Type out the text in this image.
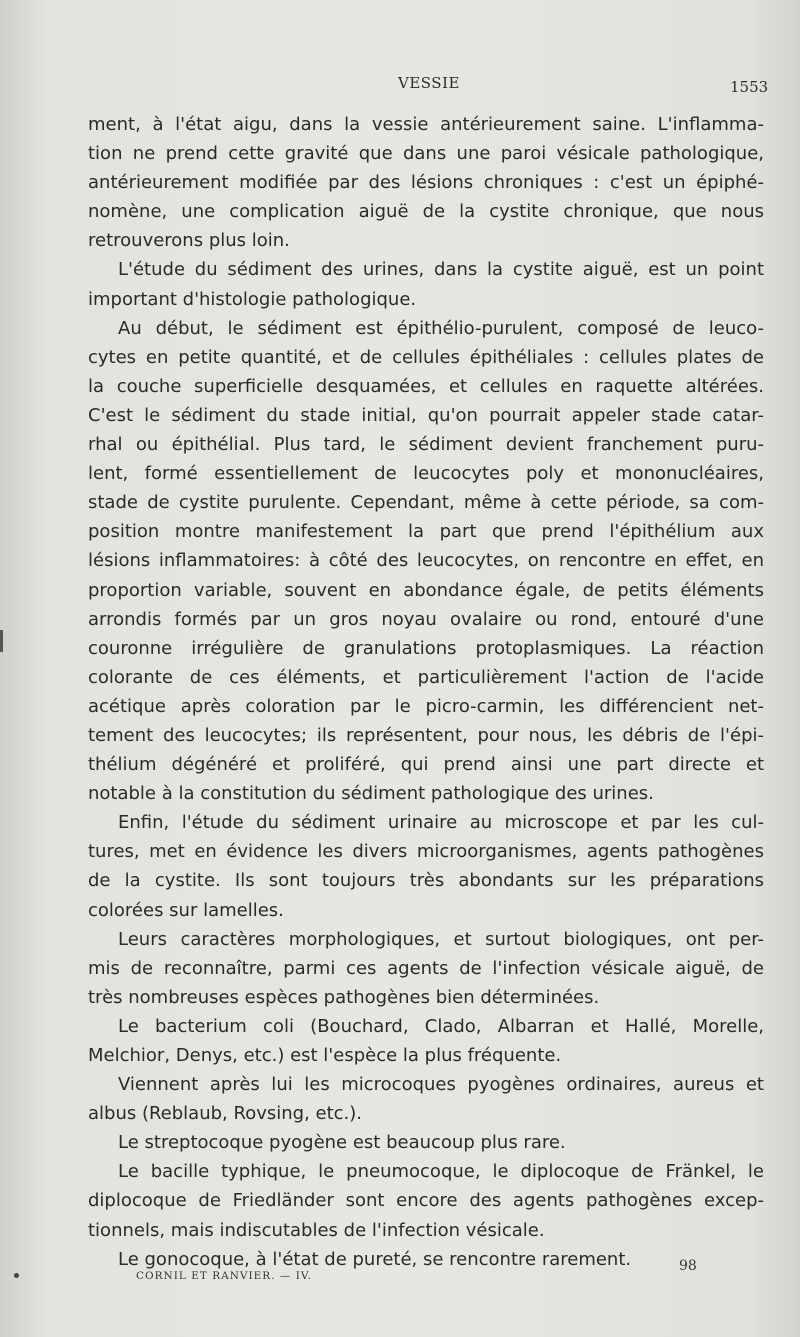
VESSIE	1553
ment, à l'état aigu, dans la vessie antérieurement saine. L'inflamma-
tion ne prend cette gravité que dans une paroi vésicale pathologique,
antérieurement modifiée par des lésions chroniques : c'est un épiphé-
nomène, une complication aiguë de la cystite chronique, que nous
retrouverons plus loin.
L'étude du sédiment des urines, dans la cystite aiguë, est un point
important d'histologie pathologique.
Au début, le sédiment est épithélio-purulent, composé de leuco-
cytes en petite quantité, et de cellules épithéliales : cellules plates de
la couche superficielle desquamées, et cellules en raquette altérées.
C'est le sédiment du stade initial, qu'on pourrait appeler stade catar-
rhal ou épithélial. Plus tard, le sédiment devient franchement puru-
lent, formé essentiellement de leucocytes poly et mononucléaires,
stade de cystite purulente. Cependant, même à cette période, sa com-
position montre manifestement la part que prend l'épithélium aux
lésions inflammatoires: à côté des leucocytes, on rencontre en effet, en
proportion variable, souvent en abondance égale, de petits éléments
arrondis formés par un gros noyau ovalaire ou rond, entouré d'une
couronne irrégulière de granulations protoplasmiques. La réaction
colorante de ces éléments, et particulièrement l'action de l'acide
acétique après coloration par le picro-carmin, les différencient net-
tement des leucocytes; ils représentent, pour nous, les débris de l'épi-
thélium dégénéré et proliféré, qui prend ainsi une part directe et
notable à la constitution du sédiment pathologique des urines.
Enfin, l'étude du sédiment urinaire au microscope et par les cul-
tures, met en évidence les divers microorganismes, agents pathogènes
de la cystite. Ils sont toujours très abondants sur les préparations
colorées sur lamelles.
Leurs caractères morphologiques, et surtout biologiques, ont per-
mis de reconnaître, parmi ces agents de l'infection vésicale aiguë, de
très nombreuses espèces pathogènes bien déterminées.
Le bacterium coli (Bouchard, Clado, Albarran et Hallé, Morelle,
Melchior, Denys, etc.) est l'espèce la plus fréquente.
Viennent après lui les microcoques pyogènes ordinaires, aureus et
albus (Reblaub, Rovsing, etc.).
Le streptocoque pyogène est beaucoup plus rare.
Le bacille typhique, le pneumocoque, le diplocoque de Fränkel, le
diplocoque de Friedländer sont encore des agents pathogènes excep-
tionnels, mais indiscutables de l'infection vésicale.
Le gonocoque, à l'état de pureté, se rencontre rarement.
CORNIL ET RANVIER. — IV.
98
